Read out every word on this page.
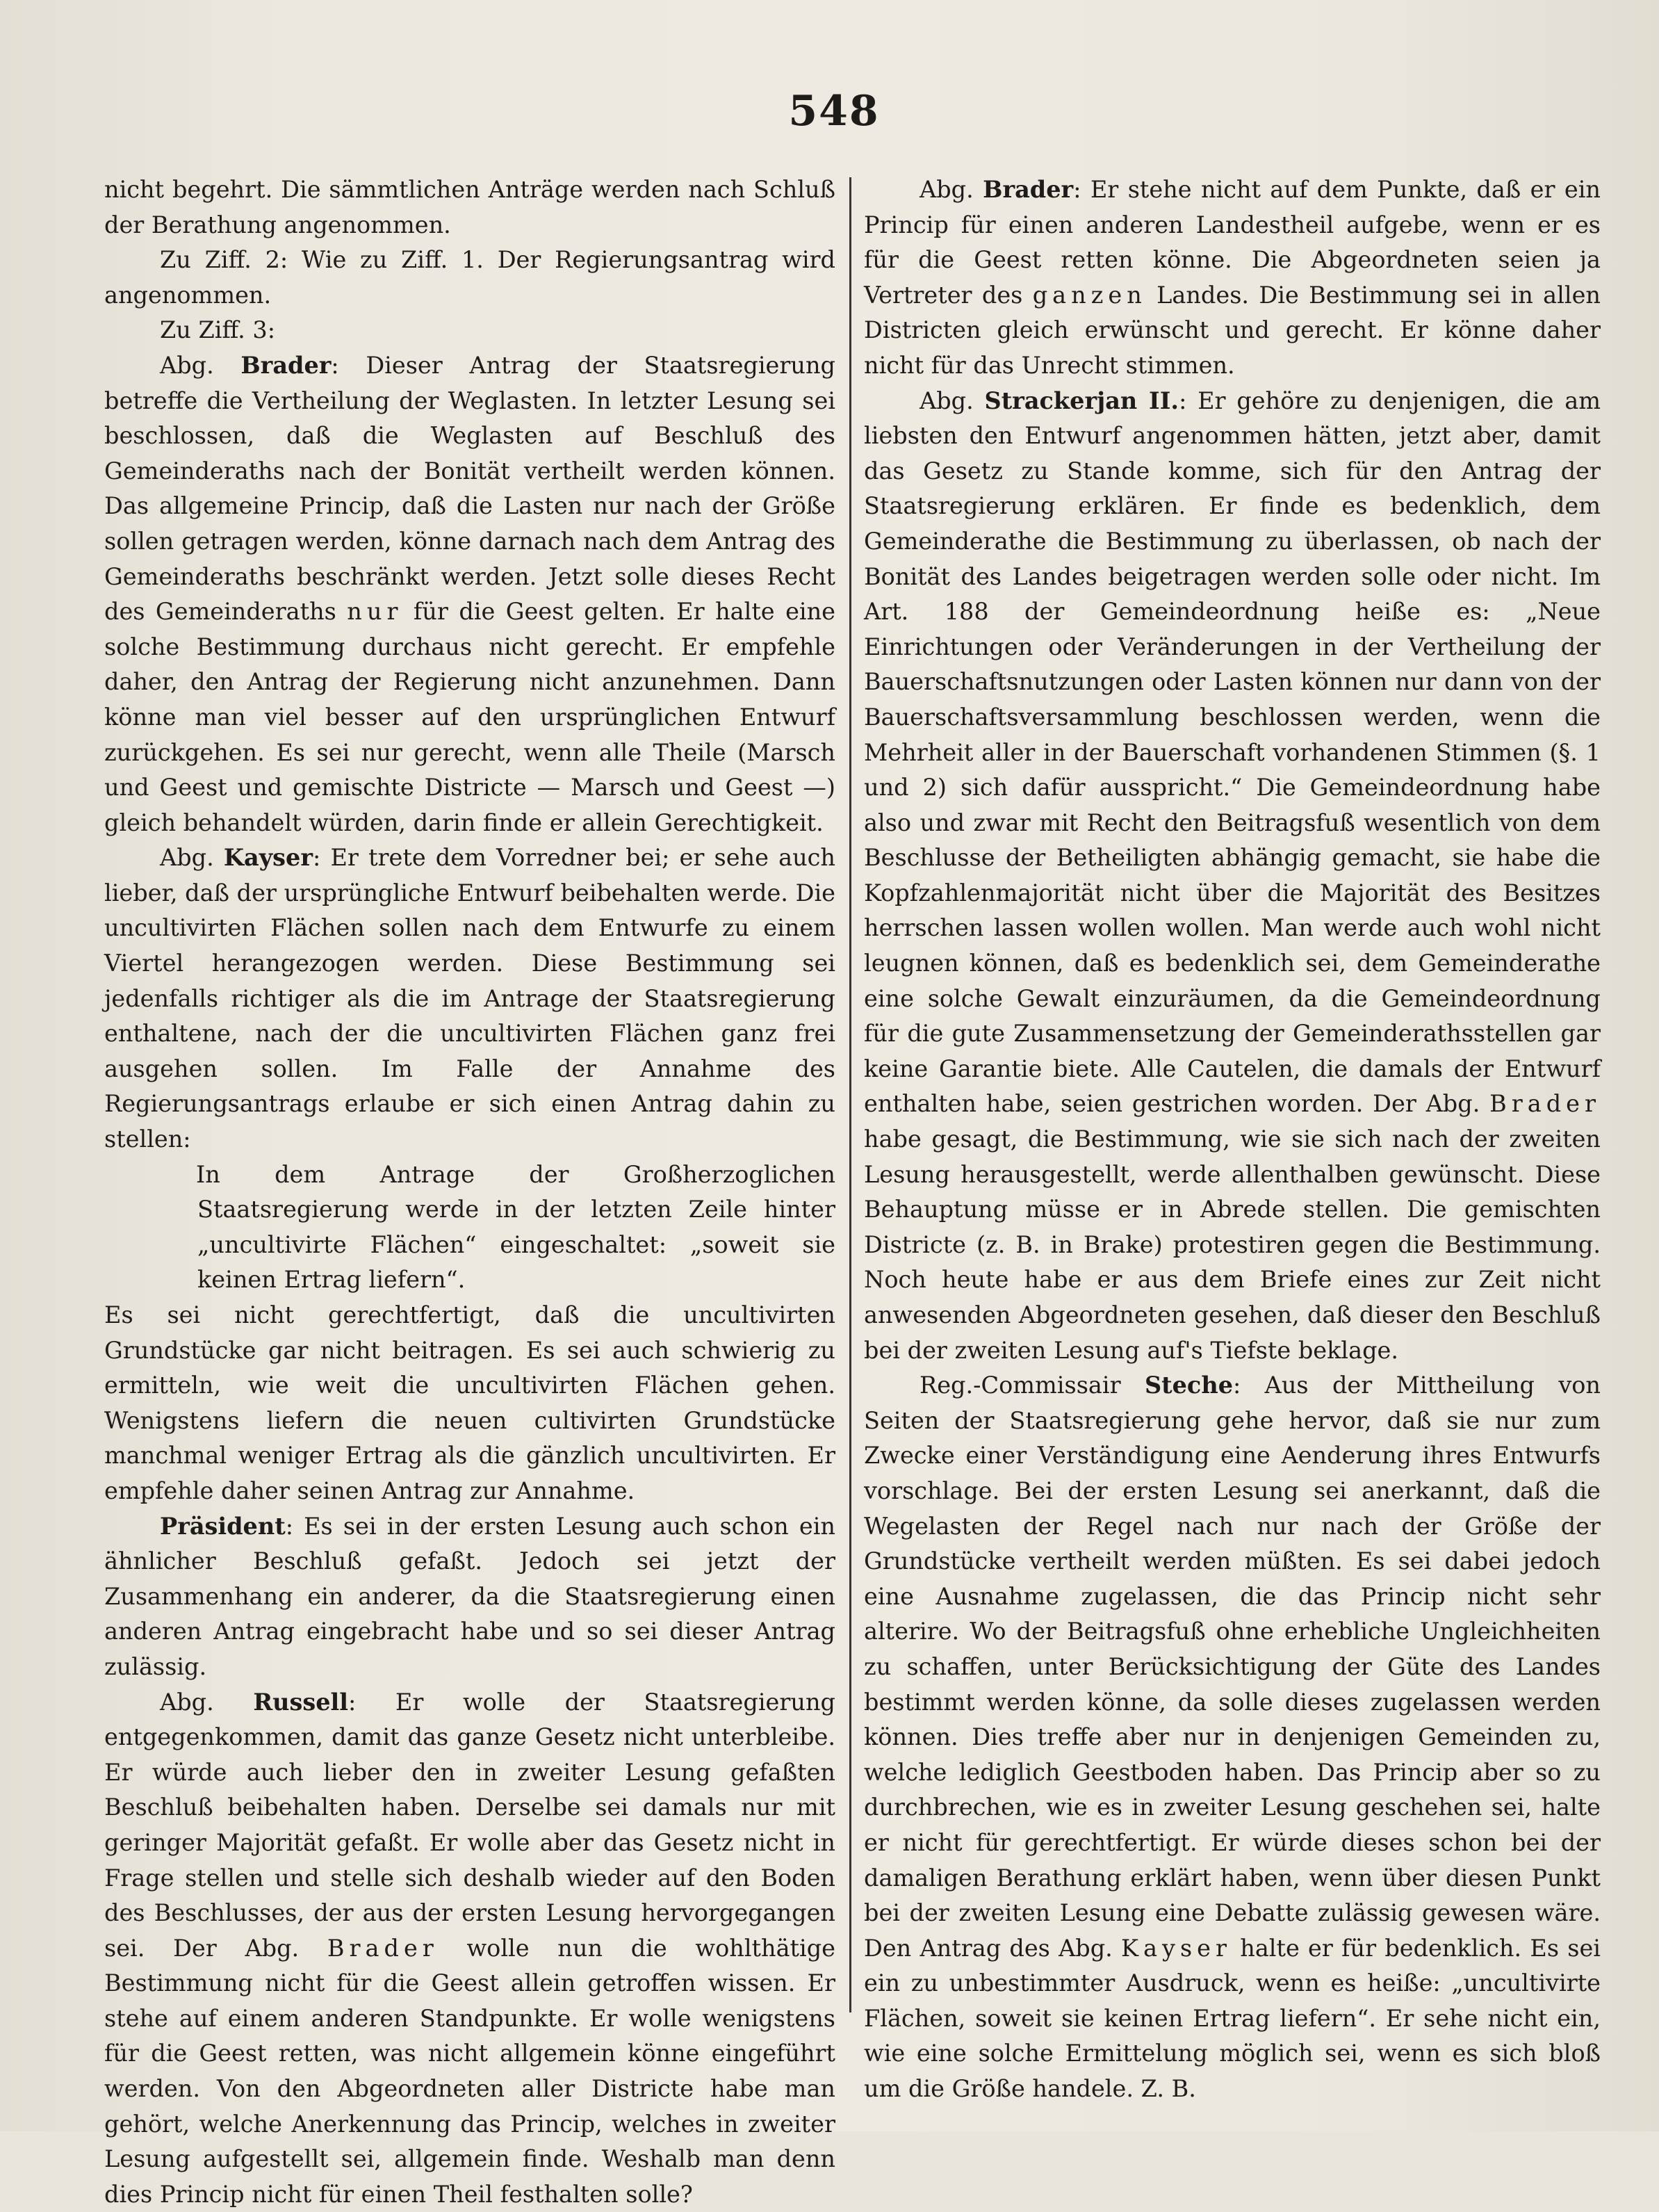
548

nicht begehrt. Die sämmtlichen Anträge werden nach Schluß der Berathung angenommen.

Zu Ziff. 2: Wie zu Ziff. 1. Der Regierungsantrag wird angenommen.

Zu Ziff. 3:

Abg. Brader: Dieser Antrag der Staatsregierung betreffe die Vertheilung der Weglasten. In letzter Lesung sei beschlossen, daß die Weglasten auf Beschluß des Gemeinderaths nach der Bonität vertheilt werden können. Das allgemeine Princip, daß die Lasten nur nach der Größe sollen getragen werden, könne darnach nach dem Antrag des Gemeinderaths beschränkt werden. Jetzt solle dieses Recht des Gemeinderaths nur für die Geest gelten. Er halte eine solche Bestimmung durchaus nicht gerecht. Er empfehle daher, den Antrag der Regierung nicht anzunehmen. Dann könne man viel besser auf den ursprünglichen Entwurf zurückgehen. Es sei nur gerecht, wenn alle Theile (Marsch und Geest und gemischte Districte — Marsch und Geest —) gleich behandelt würden, darin finde er allein Gerechtigkeit.

Abg. Kayser: Er trete dem Vorredner bei; er sehe auch lieber, daß der ursprüngliche Entwurf beibehalten werde. Die uncultivirten Flächen sollen nach dem Entwurfe zu einem Viertel herangezogen werden. Diese Bestimmung sei jedenfalls richtiger als die im Antrage der Staatsregierung enthaltene, nach der die uncultivirten Flächen ganz frei ausgehen sollen. Im Falle der Annahme des Regierungsantrags erlaube er sich einen Antrag dahin zu stellen:

In dem Antrage der Großherzoglichen Staatsregierung werde in der letzten Zeile hinter „uncultivirte Flächen“ eingeschaltet: „soweit sie keinen Ertrag liefern“.

Es sei nicht gerechtfertigt, daß die uncultivirten Grundstücke gar nicht beitragen. Es sei auch schwierig zu ermitteln, wie weit die uncultivirten Flächen gehen. Wenigstens liefern die neuen cultivirten Grundstücke manchmal weniger Ertrag als die gänzlich uncultivirten. Er empfehle daher seinen Antrag zur Annahme.

Präsident: Es sei in der ersten Lesung auch schon ein ähnlicher Beschluß gefaßt. Jedoch sei jetzt der Zusammenhang ein anderer, da die Staatsregierung einen anderen Antrag eingebracht habe und so sei dieser Antrag zulässig.

Abg. Russell: Er wolle der Staatsregierung entgegenkommen, damit das ganze Gesetz nicht unterbleibe. Er würde auch lieber den in zweiter Lesung gefaßten Beschluß beibehalten haben. Derselbe sei damals nur mit geringer Majorität gefaßt. Er wolle aber das Gesetz nicht in Frage stellen und stelle sich deshalb wieder auf den Boden des Beschlusses, der aus der ersten Lesung hervorgegangen sei. Der Abg. Brader wolle nun die wohlthätige Bestimmung nicht für die Geest allein getroffen wissen. Er stehe auf einem anderen Standpunkte. Er wolle wenigstens für die Geest retten, was nicht allgemein könne eingeführt werden. Von den Abgeordneten aller Districte habe man gehört, welche Anerkennung das Princip, welches in zweiter Lesung aufgestellt sei, allgemein finde. Weshalb man denn dies Princip nicht für einen Theil festhalten solle?

Abg. Brader: Er stehe nicht auf dem Punkte, daß er ein Princip für einen anderen Landestheil aufgebe, wenn er es für die Geest retten könne. Die Abgeordneten seien ja Vertreter des ganzen Landes. Die Bestimmung sei in allen Districten gleich erwünscht und gerecht. Er könne daher nicht für das Unrecht stimmen.

Abg. Strackerjan II.: Er gehöre zu denjenigen, die am liebsten den Entwurf angenommen hätten, jetzt aber, damit das Gesetz zu Stande komme, sich für den Antrag der Staatsregierung erklären. Er finde es bedenklich, dem Gemeinderathe die Bestimmung zu überlassen, ob nach der Bonität des Landes beigetragen werden solle oder nicht. Im Art. 188 der Gemeindeordnung heiße es: „Neue Einrichtungen oder Veränderungen in der Vertheilung der Bauerschaftsnutzungen oder Lasten können nur dann von der Bauerschaftsversammlung beschlossen werden, wenn die Mehrheit aller in der Bauerschaft vorhandenen Stimmen (§. 1 und 2) sich dafür ausspricht.“ Die Gemeindeordnung habe also und zwar mit Recht den Beitragsfuß wesentlich von dem Beschlusse der Betheiligten abhängig gemacht, sie habe die Kopfzahlenmajorität nicht über die Majorität des Besitzes herrschen lassen wollen wollen. Man werde auch wohl nicht leugnen können, daß es bedenklich sei, dem Gemeinderathe eine solche Gewalt einzuräumen, da die Gemeindeordnung für die gute Zusammensetzung der Gemeinderathsstellen gar keine Garantie biete. Alle Cautelen, die damals der Entwurf enthalten habe, seien gestrichen worden. Der Abg. Brader habe gesagt, die Bestimmung, wie sie sich nach der zweiten Lesung herausgestellt, werde allenthalben gewünscht. Diese Behauptung müsse er in Abrede stellen. Die gemischten Districte (z. B. in Brake) protestiren gegen die Bestimmung. Noch heute habe er aus dem Briefe eines zur Zeit nicht anwesenden Abgeordneten gesehen, daß dieser den Beschluß bei der zweiten Lesung auf's Tiefste beklage.

Reg.-Commissair Steche: Aus der Mittheilung von Seiten der Staatsregierung gehe hervor, daß sie nur zum Zwecke einer Verständigung eine Aenderung ihres Entwurfs vorschlage. Bei der ersten Lesung sei anerkannt, daß die Wegelasten der Regel nach nur nach der Größe der Grundstücke vertheilt werden müßten. Es sei dabei jedoch eine Ausnahme zugelassen, die das Princip nicht sehr alterire. Wo der Beitragsfuß ohne erhebliche Ungleichheiten zu schaffen, unter Berücksichtigung der Güte des Landes bestimmt werden könne, da solle dieses zugelassen werden können. Dies treffe aber nur in denjenigen Gemeinden zu, welche lediglich Geestboden haben. Das Princip aber so zu durchbrechen, wie es in zweiter Lesung geschehen sei, halte er nicht für gerechtfertigt. Er würde dieses schon bei der damaligen Berathung erklärt haben, wenn über diesen Punkt bei der zweiten Lesung eine Debatte zulässig gewesen wäre. Den Antrag des Abg. Kayser halte er für bedenklich. Es sei ein zu unbestimmter Ausdruck, wenn es heiße: „uncultivirte Flächen, soweit sie keinen Ertrag liefern“. Er sehe nicht ein, wie eine solche Ermittelung möglich sei, wenn es sich bloß um die Größe handele. Z. B.
